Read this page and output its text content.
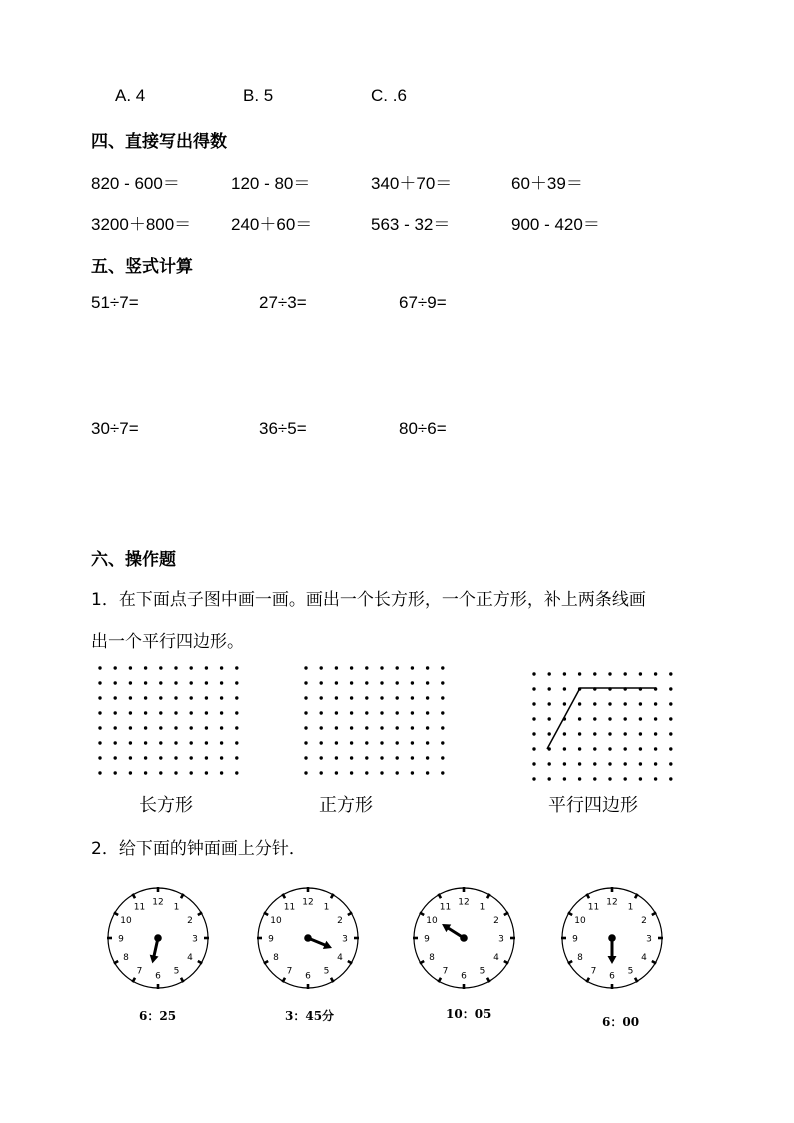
A. 4	B. 5	C. .6
四、直接写出得数
820 - 600＝	120 - 80＝	340＋70＝	60＋39＝
3200＋800＝ 240＋60＝	563 - 32＝	900 - 420＝
五、竖式计算
51÷7=	27÷3=	67÷9=
30÷7=	36÷5=	80÷6=
六、操作题
1．在下面点子图中画一画。画出一个长方形，一个正方形，补上两条线画
出一个平行四边形。
长方形	正方形	平行四边形
2．给下面的钟面画上分针．
12 1
2
3
4
5
6
7
8
9
10
11	12 1
2
3
4
5
6
7
8
9
10
11	12 1
2
3
4
5
6
7
8
9
10
11	12 1
2
3
4
5
6
7
8
9
10
11
6：25	3：45分	10：05
6：00
